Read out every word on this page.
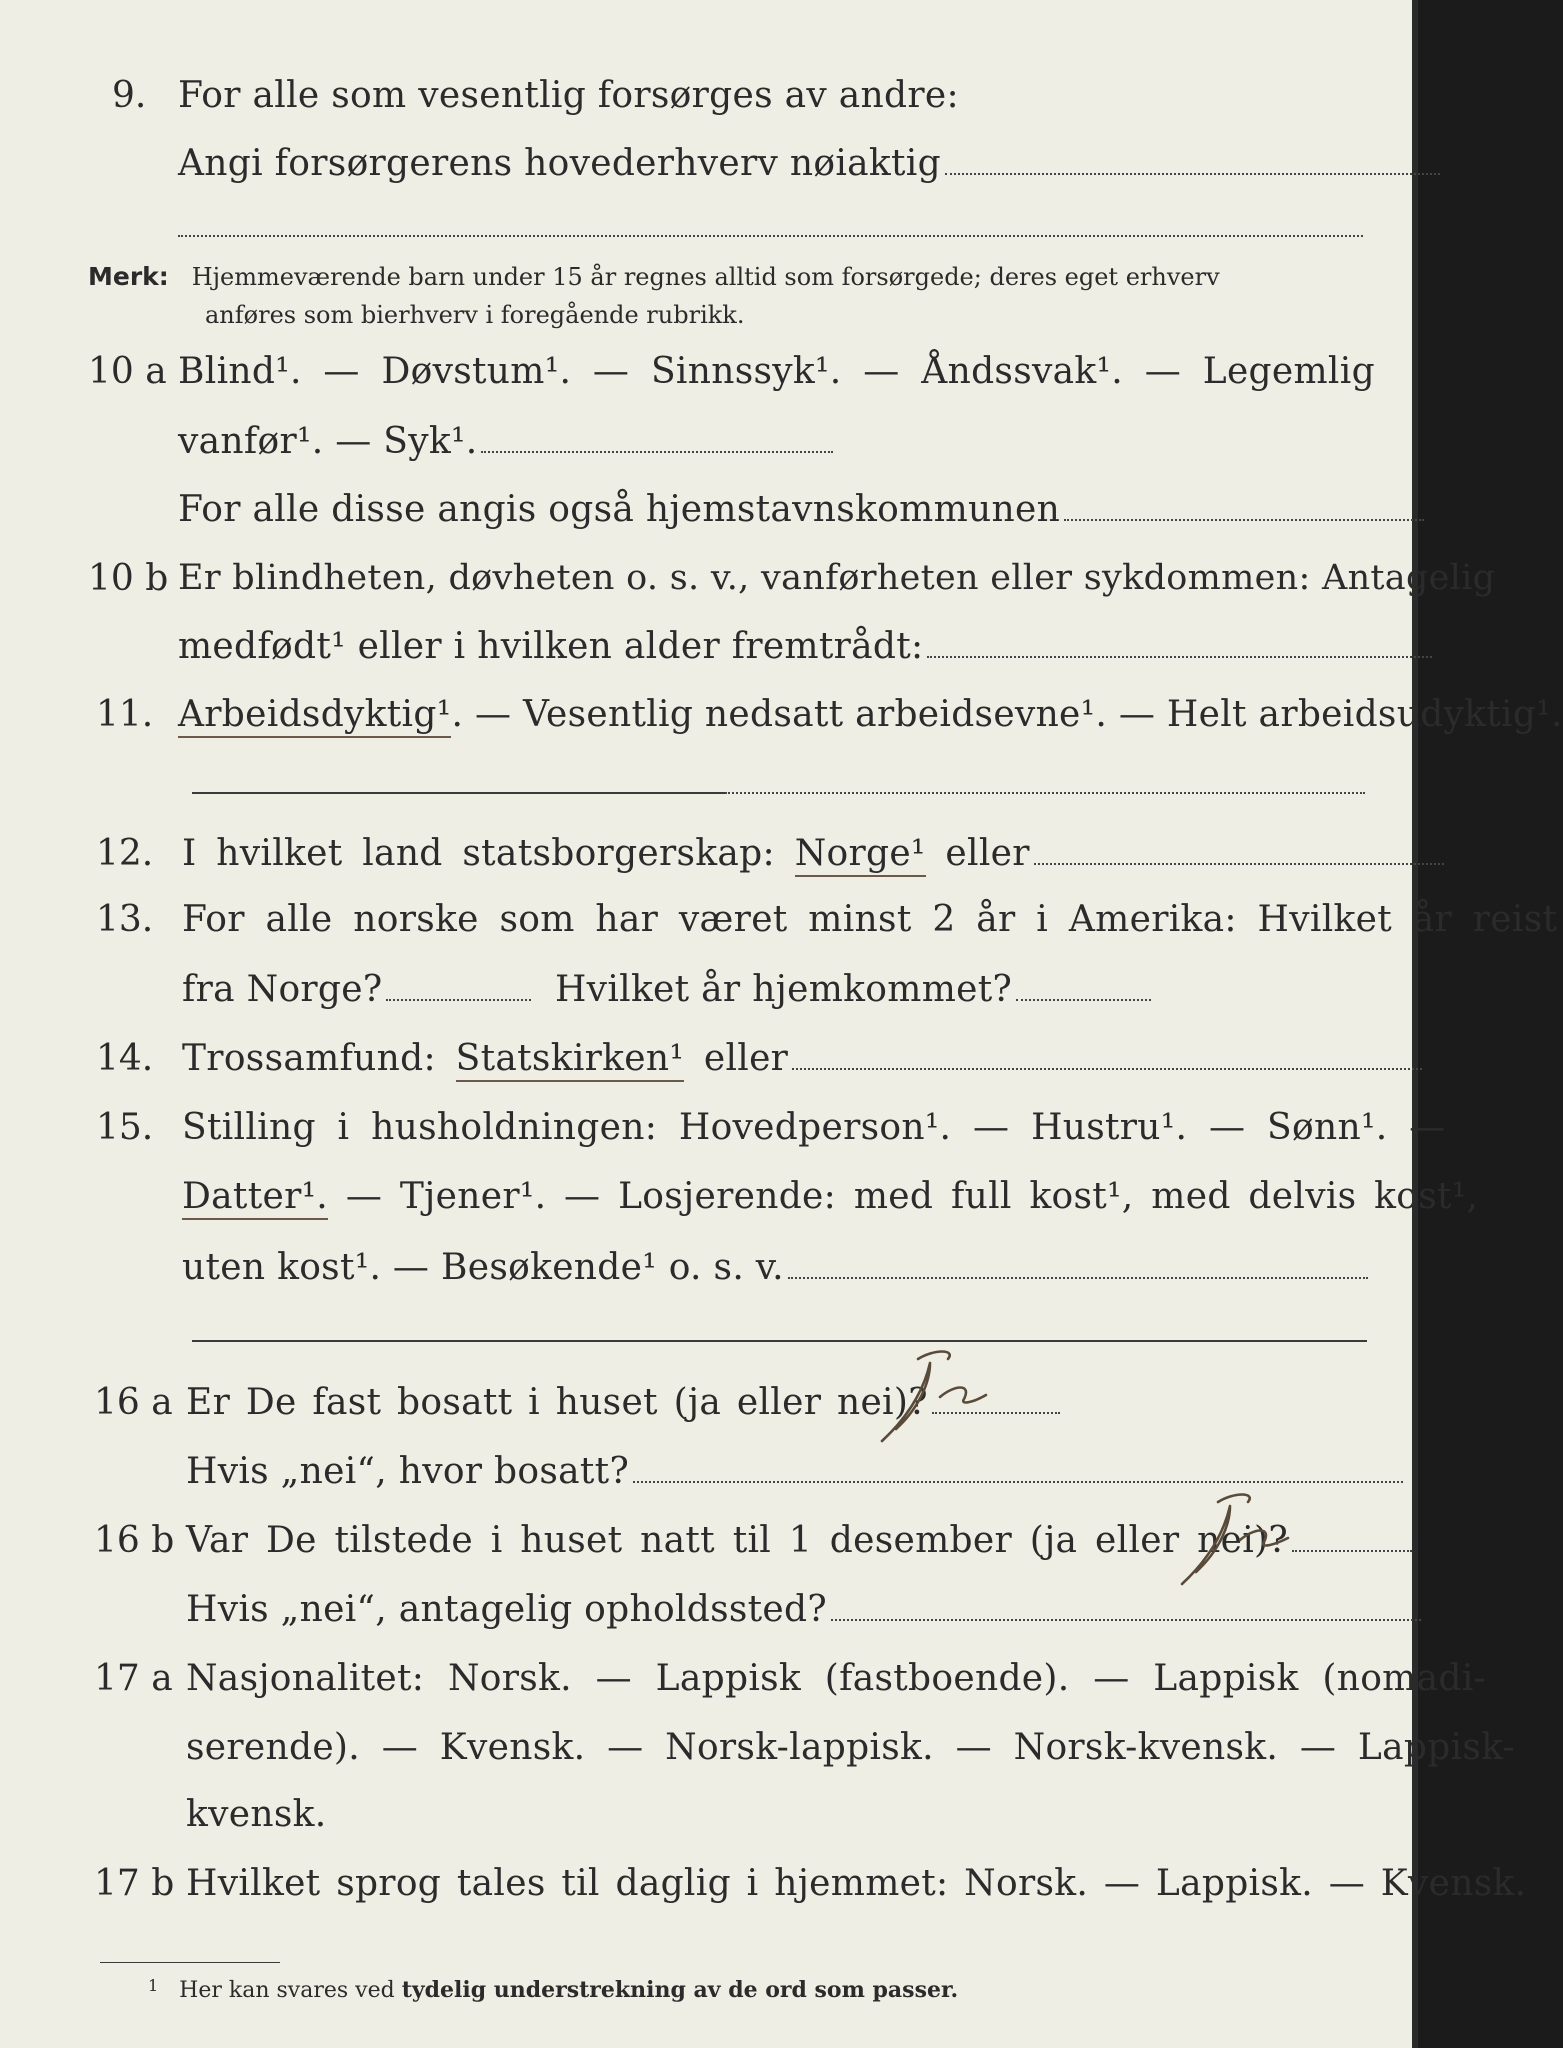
9. For alle som vesentlig forsørges av andre:
Angi forsørgerens hovederhverv nøiaktig
Merk: Hjemmeværende barn under 15 år regnes alltid som forsørgede; deres eget erhverv
anføres som bierhverv i foregående rubrikk.
10 a Blind¹. — Døvstum¹. — Sinnssyk¹. — Åndssvak¹. — Legemlig
vanfør¹. — Syk¹.
For alle disse angis også hjemstavnskommunen
10 b Er blindheten, døvheten o. s. v., vanførheten eller sykdommen: Antagelig
medfødt¹ eller i hvilken alder fremtrådt:
11. Arbeidsdyktig¹. — Vesentlig nedsatt arbeidsevne¹. — Helt arbeidsudyktig¹.
12. I hvilket land statsborgerskap: Norge¹ eller
13. For alle norske som har været minst 2 år i Amerika: Hvilket år reist
fra Norge?	Hvilket år hjemkommet?
14. Trossamfund: Statskirken¹ eller
15. Stilling i husholdningen: Hovedperson¹. — Hustru¹. — Sønn¹. —
Datter¹. — Tjener¹. — Losjerende: med full kost¹, med delvis kost¹,
uten kost¹. — Besøkende¹ o. s. v.
16 a Er De fast bosatt i huset (ja eller nei)?
Ja
Hvis „nei“, hvor bosatt?
16 b Var De tilstede i huset natt til 1 desember (ja eller nei)?
Ja
Hvis „nei“, antagelig opholdssted?
17 a Nasjonalitet: Norsk. — Lappisk (fastboende). — Lappisk (nomadi-
serende). — Kvensk. — Norsk-lappisk. — Norsk-kvensk. — Lappisk-
kvensk.
17 b Hvilket sprog tales til daglig i hjemmet: Norsk. — Lappisk. — Kvensk.
$^1$ Her kan svares ved tydelig understrekning av de ord som passer.
